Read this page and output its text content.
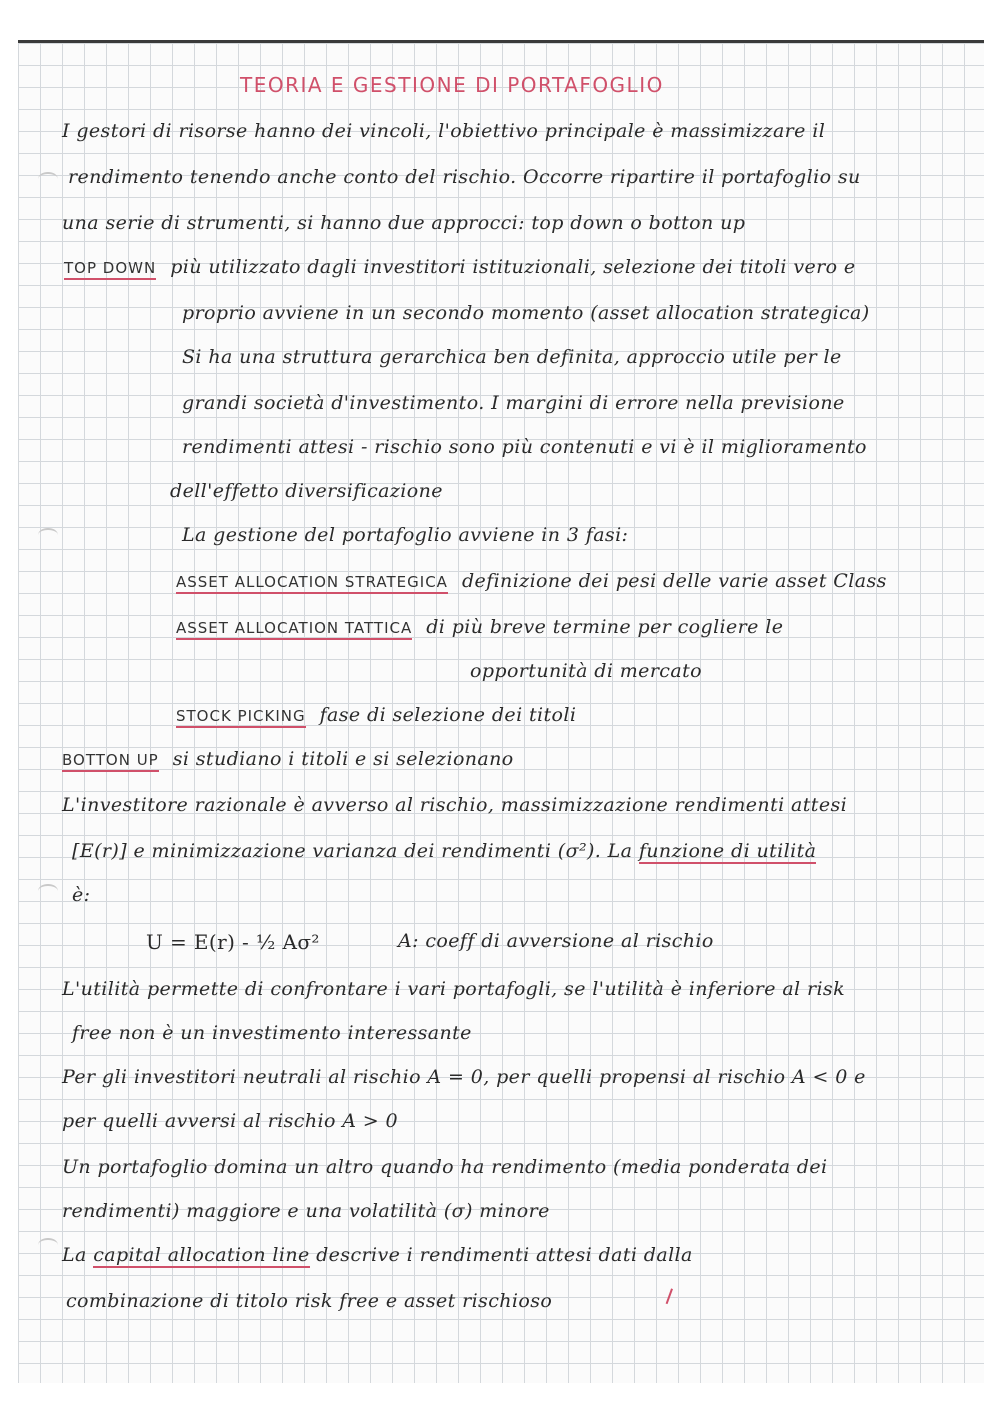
TEORIA E GESTIONE DI PORTAFOGLIO
I gestori di risorse hanno dei vincoli, l'obiettivo principale è massimizzare il
rendimento tenendo anche conto del rischio. Occorre ripartire il portafoglio su
una serie di strumenti, si hanno due approcci: top down o botton up
TOP DOWN più utilizzato dagli investitori istituzionali, selezione dei titoli vero e
proprio avviene in un secondo momento (asset allocation strategica)
Si ha una struttura gerarchica ben definita, approccio utile per le
grandi società d'investimento. I margini di errore nella previsione
rendimenti attesi - rischio sono più contenuti e vi è il miglioramento
dell'effetto diversificazione
La gestione del portafoglio avviene in 3 fasi:
ASSET ALLOCATION STRATEGICA definizione dei pesi delle varie asset Class
ASSET ALLOCATION TATTICA di più breve termine per cogliere le
opportunità di mercato
STOCK PICKING fase di selezione dei titoli
BOTTON UP si studiano i titoli e si selezionano
L'investitore razionale è avverso al rischio, massimizzazione rendimenti attesi
[E(r)] e minimizzazione varianza dei rendimenti (σ²). La funzione di utilità
è:
U = E(r) - ½ Aσ²	A: coeff di avversione al rischio
L'utilità permette di confrontare i vari portafogli, se l'utilità è inferiore al risk
free non è un investimento interessante
Per gli investitori neutrali al rischio A = 0, per quelli propensi al rischio A < 0 e
per quelli avversi al rischio A > 0
Un portafoglio domina un altro quando ha rendimento (media ponderata dei
rendimenti) maggiore e una volatilità (σ) minore
La capital allocation line descrive i rendimenti attesi dati dalla
combinazione di titolo risk free e asset rischioso
